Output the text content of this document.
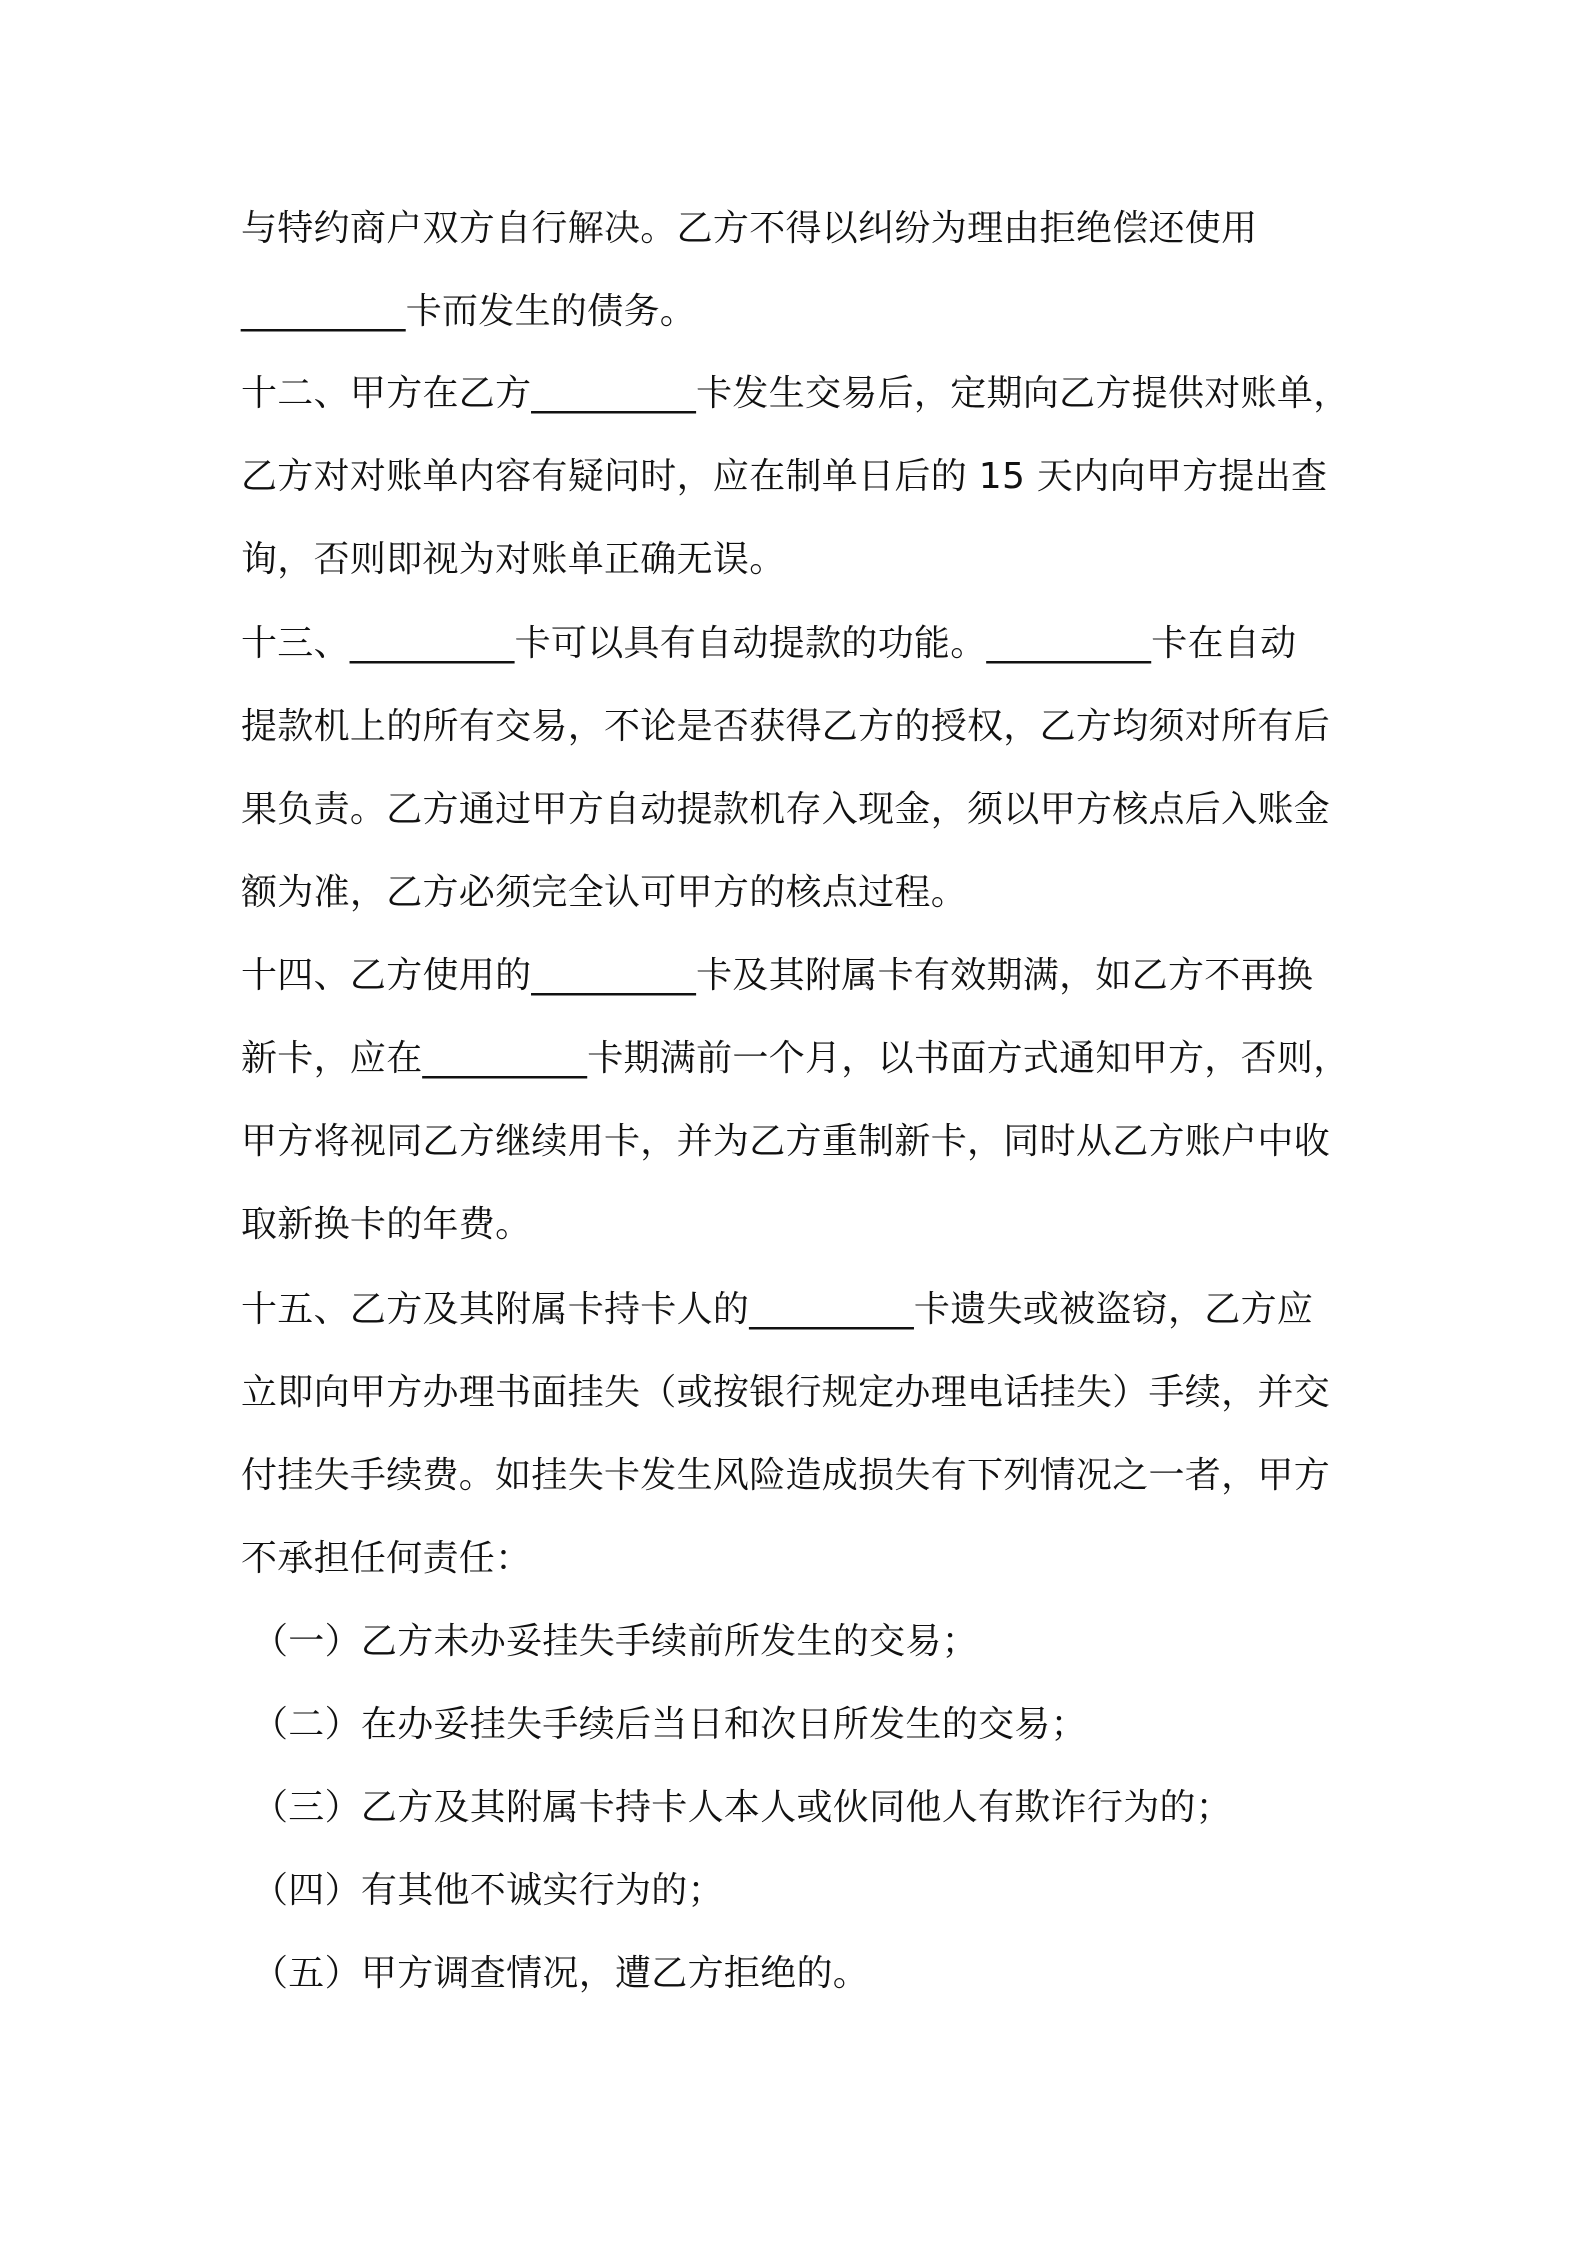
与特约商户双方自行解决。乙方不得以纠纷为理由拒绝偿还使用

_________卡而发生的债务。

十二、甲方在乙方_________卡发生交易后，定期向乙方提供对账单，

乙方对对账单内容有疑问时，应在制单日后的 15 天内向甲方提出查

询，否则即视为对账单正确无误。

十三、_________卡可以具有自动提款的功能。_________卡在自动

提款机上的所有交易，不论是否获得乙方的授权，乙方均须对所有后

果负责。乙方通过甲方自动提款机存入现金，须以甲方核点后入账金

额为准，乙方必须完全认可甲方的核点过程。

十四、乙方使用的_________卡及其附属卡有效期满，如乙方不再换

新卡，应在_________卡期满前一个月，以书面方式通知甲方，否则，

甲方将视同乙方继续用卡，并为乙方重制新卡，同时从乙方账户中收

取新换卡的年费。

十五、乙方及其附属卡持卡人的_________卡遗失或被盗窃，乙方应

立即向甲方办理书面挂失（或按银行规定办理电话挂失）手续，并交

付挂失手续费。如挂失卡发生风险造成损失有下列情况之一者，甲方

不承担任何责任：

（一）乙方未办妥挂失手续前所发生的交易；

（二）在办妥挂失手续后当日和次日所发生的交易；

（三）乙方及其附属卡持卡人本人或伙同他人有欺诈行为的；

（四）有其他不诚实行为的；

（五）甲方调查情况，遭乙方拒绝的。
